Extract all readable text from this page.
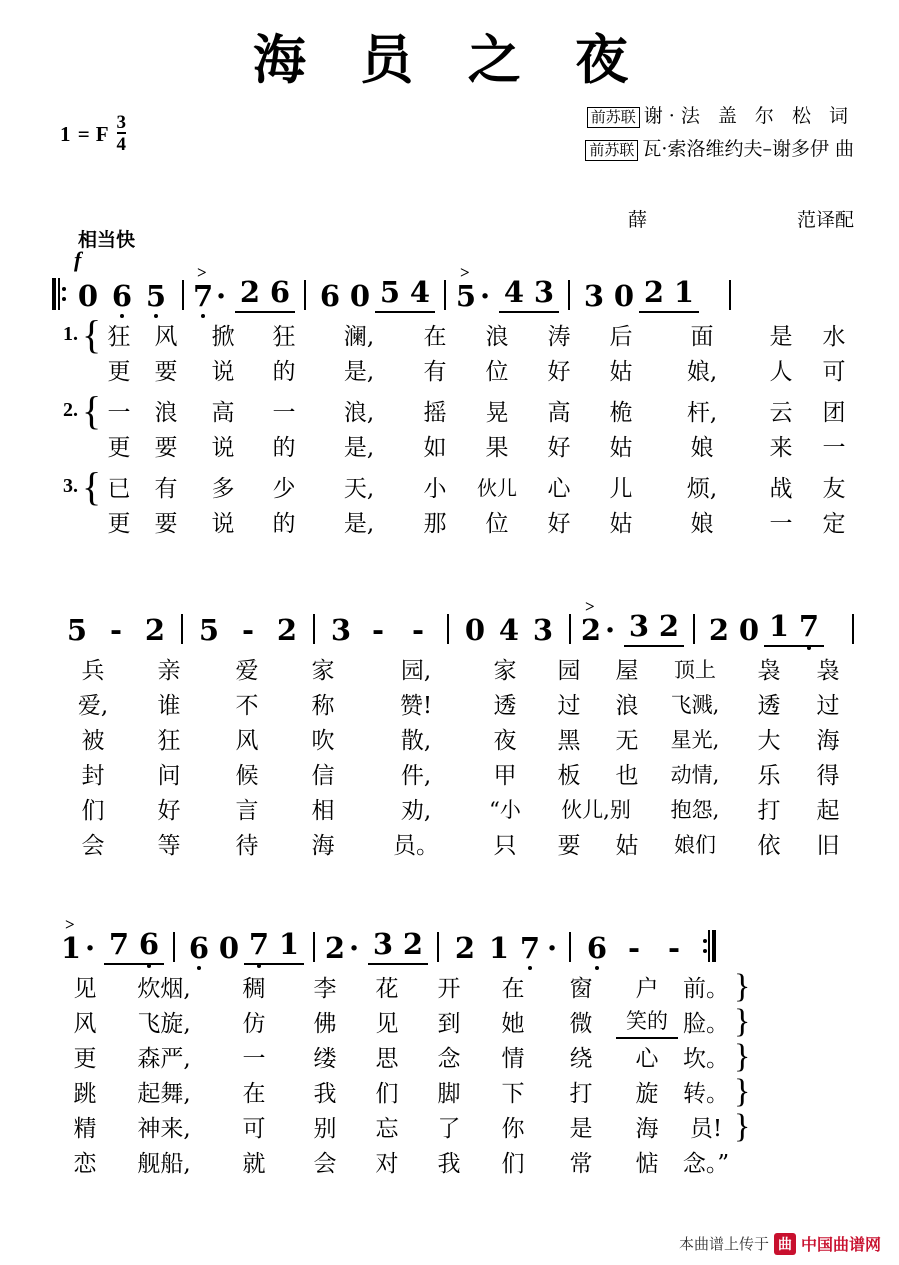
海 员 之 夜
1 = F $\frac{3}{4}$	前苏联 谢·法 盖 尔 松 词
前苏联 瓦·索洛维约夫–谢多伊 曲

薛	范译配

相当快
f
0 6 5
>
7 · 2 6 6 0 5 4
>
5 · 4 3 3 0 2 1
1. { 狂	风	掀	狂	澜,	在	浪	涛	后	面	是	水

更	要	说	的	是,	有	位	好	姑	娘,	人	可
2. { 一	浪	高	一	浪,	摇	晃	高	桅	杆,	云	团

更	要	说	的	是,	如	果	好	姑	娘	来	一
3. { 已	有	多	少	天,	小	伙儿	心	儿	烦,	战	友

更	要	说	的	是,	那	位	好	姑	娘	一	定
5 - 2 5 - 2 3 - -	0 4 3
>
2 · 3 2 2 0 1 7
兵	亲	爱	家	园,	家	园	屋	顶上	袅	袅
爱,	谁	不	称	赞!	透	过	浪	飞溅,	透	过
被	狂	风	吹	散,	夜	黑	无	星光,	大	海
封	问	候	信	件,	甲	板	也	动情,	乐	得
们	好	言	相	劝,	“小	伙儿,别	抱怨,	打	起
会	等	待	海	员。	只	要	姑	娘们	依	旧
>
1 · 7 6 6 0 7 1 2 · 3 2 2 1 7 · 6 - -
见	炊烟,	稠	李	花	开	在	窗	户	前。 }
风	飞旋,	仿	佛	见	到	她	微	笑的 脸。 }
更	森严,	一	缕	思	念	情	绕	心	坎。 }
跳	起舞,	在	我	们	脚	下	打	旋	转。 }
精	神来,	可	别	忘	了	你	是	海	员! }
恋	舰船,	就	会	对	我	们	常	惦	念。”
本曲谱上传于 曲 中国曲谱网
